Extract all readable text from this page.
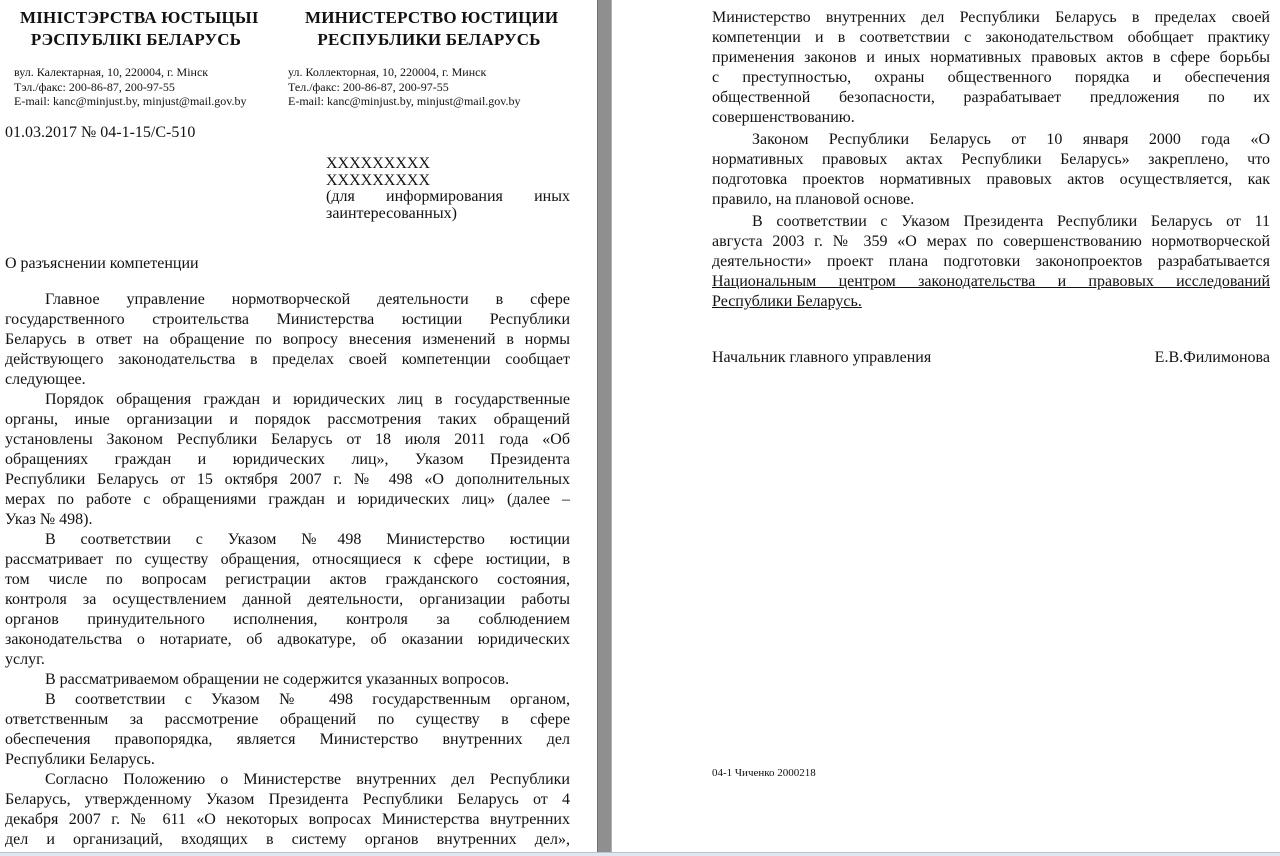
МІНІСТЭРСТВА ЮСТЫЦЫІ
РЭСПУБЛІКІ БЕЛАРУСЬ
МИНИСТЕРСТВО ЮСТИЦИИ
РЕСПУБЛИКИ БЕЛАРУСЬ
вул. Калектарная, 10, 220004, г. Мінск
Тэл./факс: 200-86-87, 200-97-55
E-mail: kanc@minjust.by, minjust@mail.gov.by
ул. Коллекторная, 10, 220004, г. Минск
Тел./факс: 200-86-87, 200-97-55
E-mail: kanc@minjust.by, minjust@mail.gov.by
01.03.2017 № 04-1-15/С-510
XXXXXXXXX
XXXXXXXXX
(для информирования иных
заинтересованных)
О разъяснении компетенции
Главное управление нормотворческой деятельности в сфере
государственного строительства Министерства юстиции Республики
Беларусь в ответ на обращение по вопросу внесения изменений в нормы
действующего законодательства в пределах своей компетенции сообщает
следующее.
Порядок обращения граждан и юридических лиц в государственные
органы, иные организации и порядок рассмотрения таких обращений
установлены Законом Республики Беларусь от 18 июля 2011 года «Об
обращениях граждан и юридических лиц», Указом Президента
Республики Беларусь от 15 октября 2007 г. № 498 «О дополнительных
мерах по работе с обращениями граждан и юридических лиц» (далее –
Указ № 498).
В соответствии с Указом №498 Министерство юстиции
рассматривает по существу обращения, относящиеся к сфере юстиции, в
том числе по вопросам регистрации актов гражданского состояния,
контроля за осуществлением данной деятельности, организации работы
органов принудительного исполнения, контроля за соблюдением
законодательства о нотариате, об адвокатуре, об оказании юридических
услуг.
В рассматриваемом обращении не содержится указанных вопросов.
В соответствии с Указом № 498 государственным органом,
ответственным за рассмотрение обращений по существу в сфере
обеспечения правопорядка, является Министерство внутренних дел
Республики Беларусь.
Согласно Положению о Министерстве внутренних дел Республики
Беларусь, утвержденному Указом Президента Республики Беларусь от 4
декабря 2007 г. № 611 «О некоторых вопросах Министерства внутренних
дел и организаций, входящих в систему органов внутренних дел»,
Министерство внутренних дел Республики Беларусь в пределах своей
компетенции и в соответствии с законодательством обобщает практику
применения законов и иных нормативных правовых актов в сфере борьбы
с преступностью, охраны общественного порядка и обеспечения
общественной безопасности, разрабатывает предложения по их
совершенствованию.
Законом Республики Беларусь от 10 января 2000 года «О
нормативных правовых актах Республики Беларусь» закреплено, что
подготовка проектов нормативных правовых актов осуществляется, как
правило, на плановой основе.
В соответствии с Указом Президента Республики Беларусь от 11
августа 2003 г. № 359 «О мерах по совершенствованию нормотворческой
деятельности» проект плана подготовки законопроектов разрабатывается
Национальным центром законодательства и правовых исследований
Республики Беларусь.
Начальник главного управления	Е.В.Филимонова
04-1 Чиченко 2000218
